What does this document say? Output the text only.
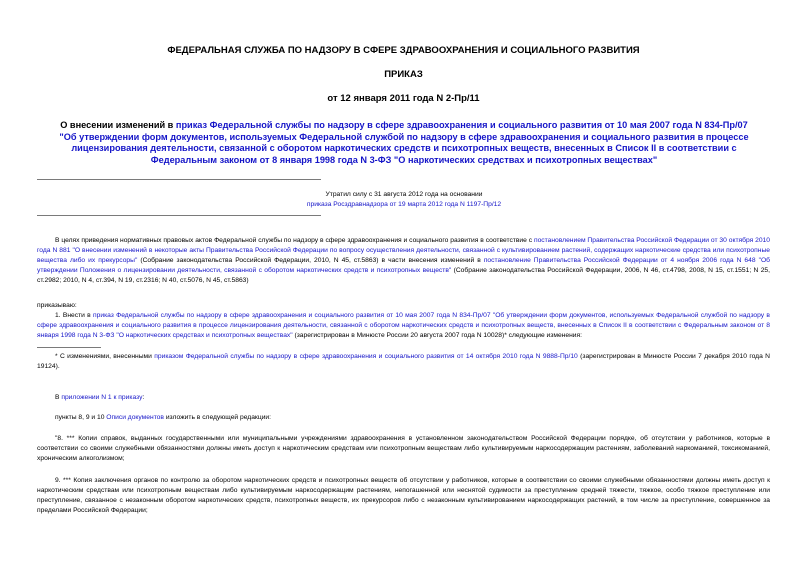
ФЕДЕРАЛЬНАЯ СЛУЖБА ПО НАДЗОРУ В СФЕРЕ ЗДРАВООХРАНЕНИЯ И СОЦИАЛЬНОГО РАЗВИТИЯ
ПРИКАЗ
от 12 января 2011 года N 2-Пр/11
О внесении изменений в приказ Федеральной службы по надзору в сфере здравоохранения и социального развития от 10 мая 2007 года N 834-Пр/07 "Об утверждении форм документов, используемых Федеральной службой по надзору в сфере здравоохранения и социального развития в процессе лицензирования деятельности, связанной с оборотом наркотических средств и психотропных веществ, внесенных в Список II в соответствии с Федеральным законом от 8 января 1998 года N 3-ФЗ "О наркотических средствах и психотропных веществах"
Утратил силу с 31 августа 2012 года на основании
приказа Росздравнадзора от 19 марта 2012 года N 1197-Пр/12
В целях приведения нормативных правовых актов Федеральной службы по надзору в сфере здравоохранения и социального развития в соответствие с постановлением Правительства Российской Федерации от 30 октября 2010 года N 881 "О внесении изменений в некоторые акты Правительства Российской Федерации по вопросу осуществления деятельности, связанной с культивированием растений, содержащих наркотические средства или психотропные вещества либо их прекурсоры" (Собрание законодательства Российской Федерации, 2010, N 45, ст.5863) в части внесения изменений в постановление Правительства Российской Федерации от 4 ноября 2006 года N 648 "Об утверждении Положения о лицензировании деятельности, связанной с оборотом наркотических средств и психотропных веществ" (Собрание законодательства Российской Федерации, 2006, N 46, ст.4798, 2008, N 15, ст.1551; N 25, ст.2982; 2010, N 4, ст.394, N 19, ст.2316; N 40, ст.5076, N 45, ст.5863)
приказываю:
1. Внести в приказ Федеральной службы по надзору в сфере здравоохранения и социального развития от 10 мая 2007 года N 834-Пр/07 "Об утверждении форм документов, используемых Федеральной службой по надзору в сфере здравоохранения и социального развития в процессе лицензирования деятельности, связанной с оборотом наркотических средств и психотропных веществ, внесенных в Список II в соответствии с Федеральным законом от 8 января 1998 года N 3-ФЗ "О наркотических средствах и психотропных веществах" (зарегистрирован в Минюсте России 20 августа 2007 года N 10028)* следующие изменения:
* С изменениями, внесенными приказом Федеральной службы по надзору в сфере здравоохранения и социального развития от 14 октября 2010 года N 9888-Пр/10 (зарегистрирован в Минюсте России 7 декабря 2010 года N 19124).
В приложении N 1 к приказу:
пункты 8, 9 и 10 Описи документов изложить в следующей редакции:
"8. *** Копии справок, выданных государственными или муниципальными учреждениями здравоохранения в установленном законодательством Российской Федерации порядке, об отсутствии у работников, которые в соответствии со своими служебными обязанностями должны иметь доступ к наркотическим средствам или психотропным веществам либо культивируемым наркосодержащим растениям, заболеваний наркоманией, токсикоманией, хроническим алкоголизмом;
9. *** Копия заключения органов по контролю за оборотом наркотических средств и психотропных веществ об отсутствии у работников, которые в соответствии со своими служебными обязанностями должны иметь доступ к наркотическим средствам или психотропным веществам либо культивируемым наркосодержащим растениям, непогашенной или неснятой судимости за преступление средней тяжести, тяжкое, особо тяжкое преступление или преступление, связанное с незаконным оборотом наркотических средств, психотропных веществ, их прекурсоров либо с незаконным культивированием наркосодержащих растений, в том числе за преступление, совершенное за пределами Российской Федерации;
